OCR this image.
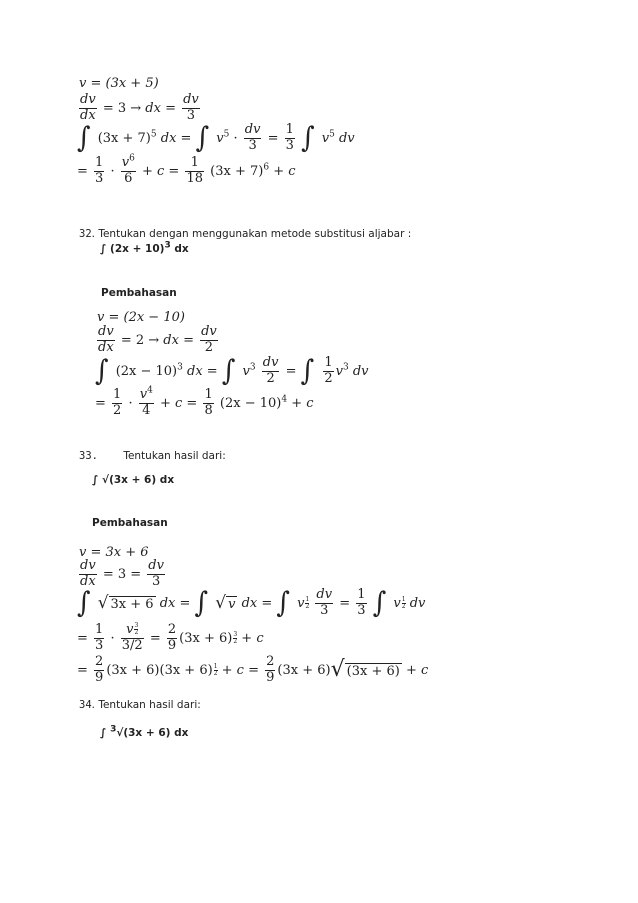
v = (3x + 5)
$\frac{dv}{dx} = 3$ → dx = $\frac{dv}{3}$
∫ $(3x + 7)^5$ dx = ∫ $v^5 \cdot \frac{dv}{3} = \frac{1}{3}$ ∫ $v^5$ dv
= $\frac{1}{3} \cdot \frac{v^6}{6} + c = \frac{1}{18} (3x + 7)^6 + c$
32. Tentukan dengan menggunakan metode substitusi aljabar :
∫ $(2x + 10)^3$ dx
Pembahasan
v = (2x − 10)
$\frac{dv}{dx} = 2$ → dx = $\frac{dv}{2}$
∫ $(2x - 10)^3$ dx = ∫ $v^3 \frac{dv}{2}$ = ∫ $\frac{1}{2} v^3$ dv
= $\frac{1}{2} \cdot \frac{v^4}{4} + c = \frac{1}{8} (2x - 10)^4 + c$
33. Tentukan hasil dari:
∫ √(3x + 6) dx
Pembahasan
v = 3x + 6
$\frac{dv}{dx} = 3 = \frac{dv}{3}$
∫ √ 3x + 6 dx = ∫ √ v dx = ∫ v $\frac{1}{2}$
$\frac{dv}{3} = \frac{1}{3}$ ∫ v $\frac{1}{2}$ dv
= $\frac{1}{3} \cdot \frac{v \frac{3}{2}}{3/2} = \frac{2}{9} (3x + 6) \frac{3}{2} + c$
= $\frac{2}{9} (3x + 6)(3x + 6) \frac{1}{2} + c = \frac{2}{9} (3x + 6)√$ (3x + 6) + c
34. Tentukan hasil dari:
∫ $^3$√(3x + 6) dx
